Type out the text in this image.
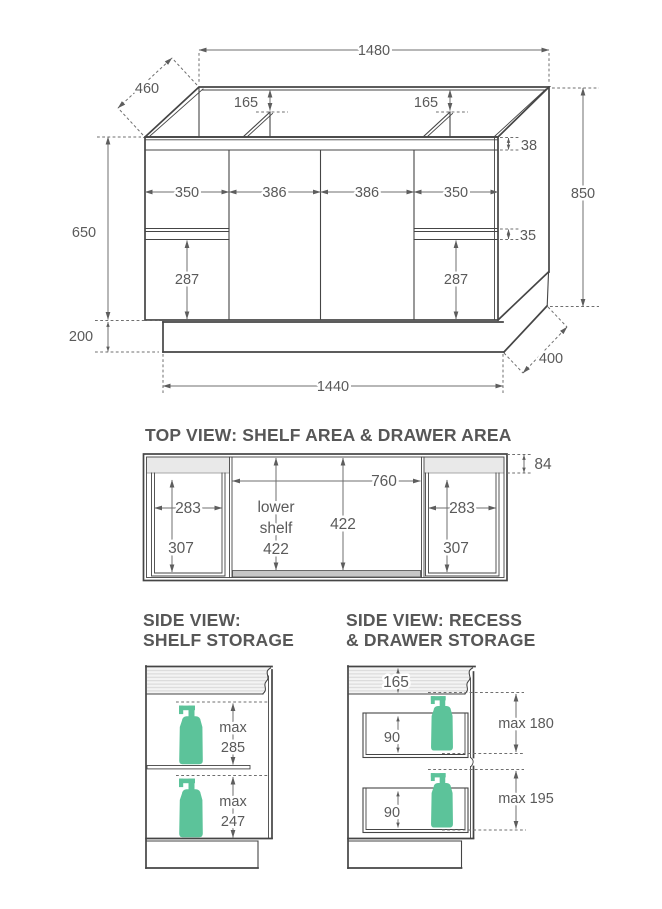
1480
460
165	165
38
350	386	386	350
650
200
287	287
35
850
1440
400
TOP VIEW: SHELF AREA & DRAWER AREA
84
760
lower
shelf
422
422
283
307
283
307
SIDE VIEW:
SHELF STORAGE
max
285
max
247
SIDE VIEW: RECESS
& DRAWER STORAGE
165
90
90
max 180
max 195
